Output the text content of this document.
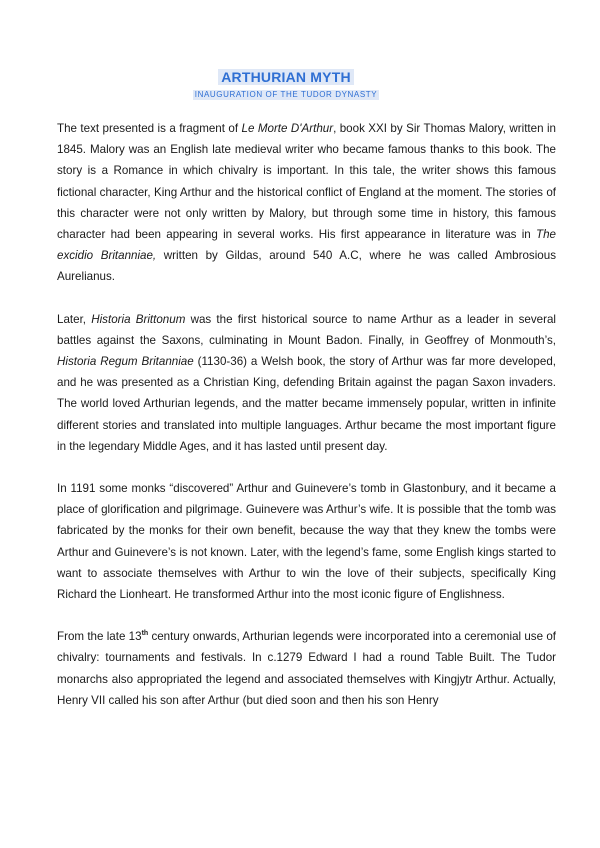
ARTHURIAN MYTH
INAUGURATION OF THE TUDOR DYNASTY

The text presented is a fragment of Le Morte D'Arthur, book XXI by Sir Thomas Malory, written in 1845. Malory was an English late medieval writer who became famous thanks to this book. The story is a Romance in which chivalry is important. In this tale, the writer shows this famous fictional character, King Arthur and the historical conflict of England at the moment. The stories of this character were not only written by Malory, but through some time in history, this famous character had been appearing in several works. His first appearance in literature was in The excidio Britanniae, written by Gildas, around 540 A.C, where he was called Ambrosious Aurelianus.

Later, Historia Brittonum was the first historical source to name Arthur as a leader in several battles against the Saxons, culminating in Mount Badon. Finally, in Geoffrey of Monmouth’s, Historia Regum Britanniae (1130-36) a Welsh book, the story of Arthur was far more developed, and he was presented as a Christian King, defending Britain against the pagan Saxon invaders. The world loved Arthurian legends, and the matter became immensely popular, written in infinite different stories and translated into multiple languages. Arthur became the most important figure in the legendary Middle Ages, and it has lasted until present day.

In 1191 some monks “discovered” Arthur and Guinevere’s tomb in Glastonbury, and it became a place of glorification and pilgrimage. Guinevere was Arthur’s wife. It is possible that the tomb was fabricated by the monks for their own benefit, because the way that they knew the tombs were Arthur and Guinevere’s is not known. Later, with the legend’s fame, some English kings started to want to associate themselves with Arthur to win the love of their subjects, specifically King Richard the Lionheart. He transformed Arthur into the most iconic figure of Englishness.

From the late 13th century onwards, Arthurian legends were incorporated into a ceremonial use of chivalry: tournaments and festivals. In c.1279 Edward I had a round Table Built. The Tudor monarchs also appropriated the legend and associated themselves with Kingjytr Arthur. Actually, Henry VII called his son after Arthur (but died soon and then his son Henry
